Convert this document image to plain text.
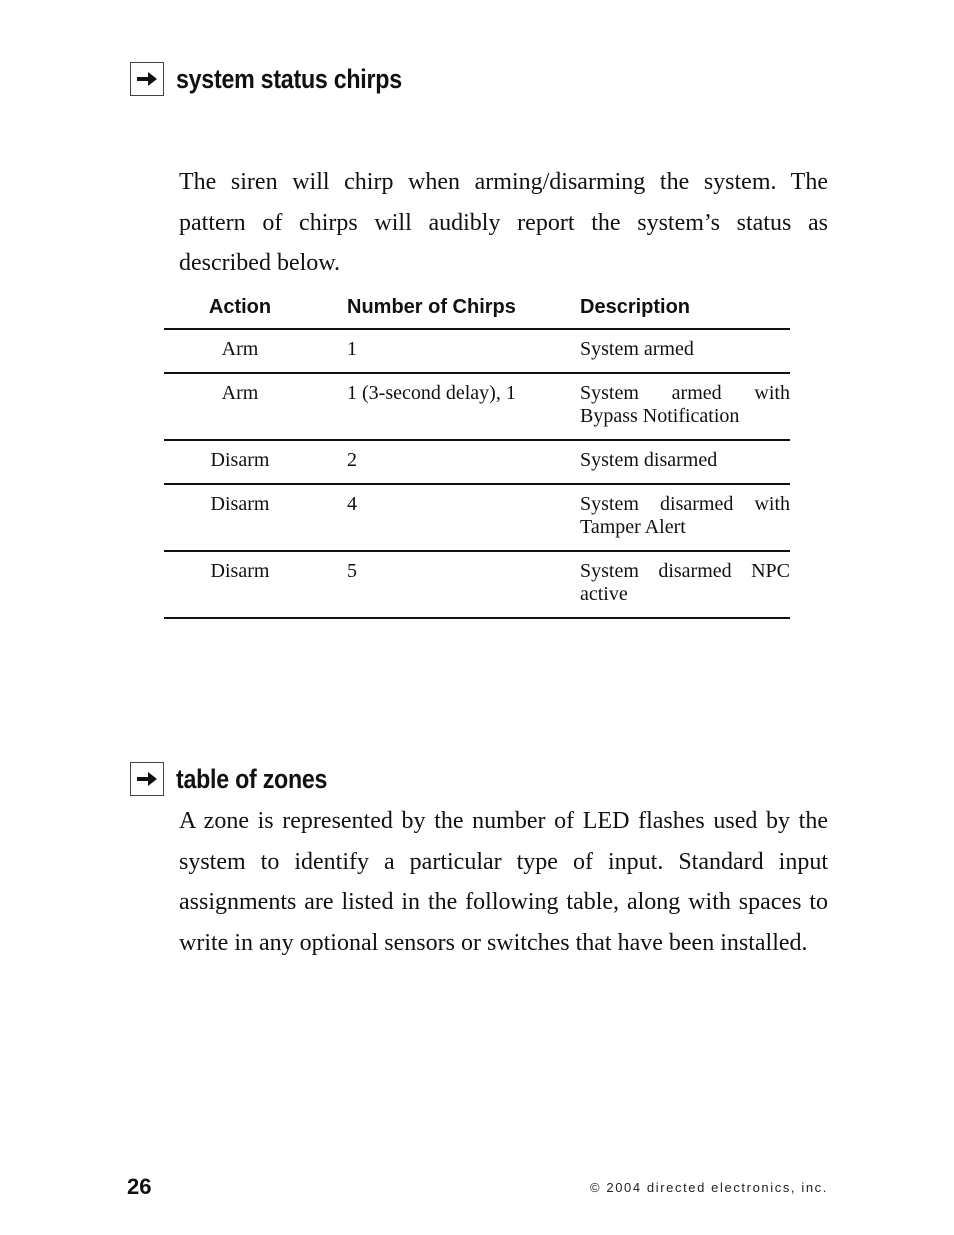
system status chirps

The siren will chirp when arming/disarming the system. The pattern of chirps will audibly report the system’s status as described below.

Action	Number of Chirps	Description
Arm	1	System armed

Arm	1 (3-second delay), 1	System armed with Bypass Notification

Disarm	2	System disarmed

Disarm	4	System disarmed with Tamper Alert

Disarm	5	System disarmed NPC active
table of zones

A zone is represented by the number of LED flashes used by the system to identify a particular type of input. Standard input assignments are listed in the following table, along with spaces to write in any optional sensors or switches that have been installed.

26	© 2004 directed electronics, inc.
